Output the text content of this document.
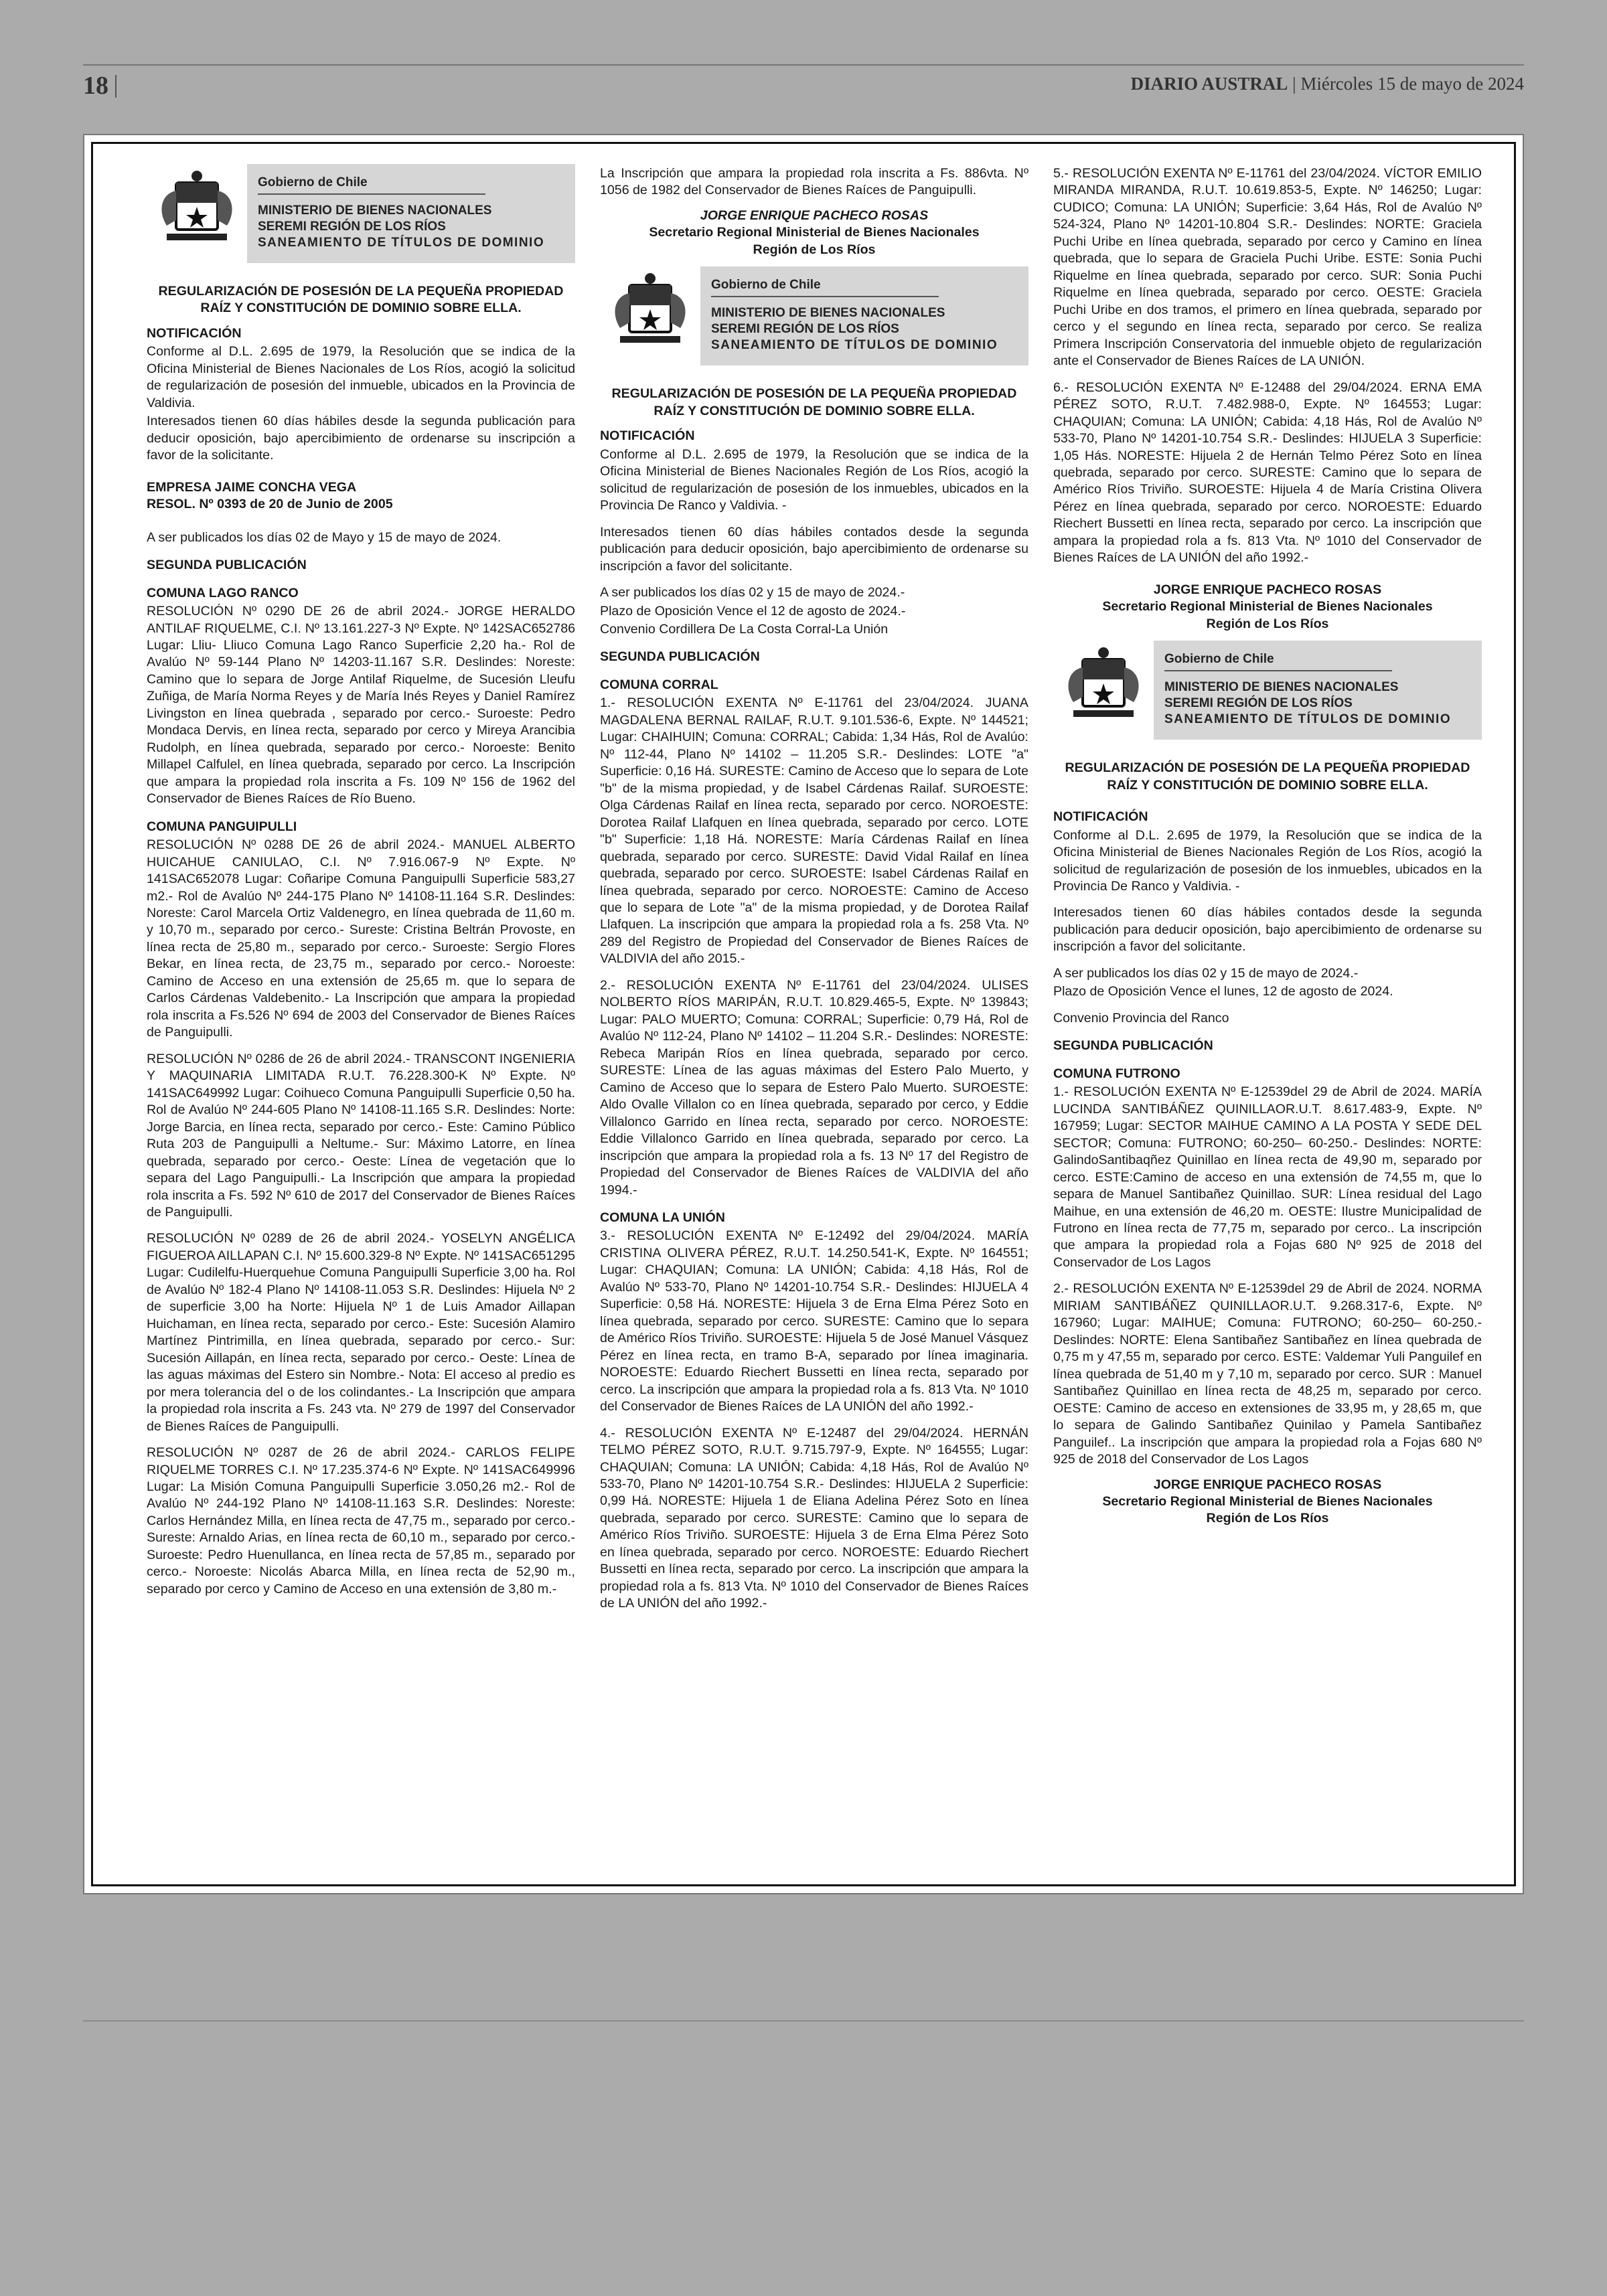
18	DIARIO AUSTRAL | Miércoles 15 de mayo de 2024
Gobierno de Chile
MINISTERIO DE BIENES NACIONALES
SEREMI REGIÓN DE LOS RÍOS
SANEAMIENTO DE TÍTULOS DE DOMINIO
REGULARIZACIÓN DE POSESIÓN DE LA PEQUEÑA PROPIEDAD RAÍZ Y CONSTITUCIÓN DE DOMINIO SOBRE ELLA.
NOTIFICACIÓN
Conforme al D.L. 2.695 de 1979, la Resolución que se indica de la Oficina Ministerial de Bienes Nacionales de Los Ríos, acogió la solicitud de regularización de posesión del inmueble, ubicados en la Provincia de Valdivia.
Interesados tienen 60 días hábiles desde la segunda publicación para deducir oposición, bajo apercibimiento de ordenarse su inscripción a favor de la solicitante.
EMPRESA JAIME CONCHA VEGA
RESOL. Nº 0393 de 20 de Junio de 2005
A ser publicados los días 02 de Mayo y 15 de mayo de 2024.
SEGUNDA PUBLICACIÓN
COMUNA LAGO RANCO
RESOLUCIÓN Nº 0290 DE 26 de abril 2024.- JORGE HERALDO ANTILAF RIQUELME, C.I. Nº 13.161.227-3 Nº Expte. Nº 142SAC652786 Lugar: Lliu- Lliuco Comuna Lago Ranco Superficie 2,20 ha.- Rol de Avalúo Nº 59-144 Plano Nº 14203-11.167 S.R. Deslindes: Noreste: Camino que lo separa de Jorge Antilaf Riquelme, de Sucesión Lleufu Zuñiga, de María Norma Reyes y de María Inés Reyes y Daniel Ramírez Livingston en línea quebrada , separado por cerco.- Suroeste: Pedro Mondaca Dervis, en línea recta, separado por cerco y Mireya Arancibia Rudolph, en línea quebrada, separado por cerco.- Noroeste: Benito Millapel Calfulel, en línea quebrada, separado por cerco. La Inscripción que ampara la propiedad rola inscrita a Fs. 109 Nº 156 de 1962 del Conservador de Bienes Raíces de Río Bueno.
COMUNA PANGUIPULLI
RESOLUCIÓN Nº 0288 DE 26 de abril 2024.- MANUEL ALBERTO HUICAHUE CANIULAO, C.I. Nº 7.916.067-9 Nº Expte. Nº 141SAC652078 Lugar: Coñaripe Comuna Panguipulli Superficie 583,27 m2.- Rol de Avalúo Nº 244-175 Plano Nº 14108-11.164 S.R. Deslindes: Noreste: Carol Marcela Ortiz Valdenegro, en línea quebrada de 11,60 m. y 10,70 m., separado por cerco.- Sureste: Cristina Beltrán Provoste, en línea recta de 25,80 m., separado por cerco.- Suroeste: Sergio Flores Bekar, en línea recta, de 23,75 m., separado por cerco.- Noroeste: Camino de Acceso en una extensión de 25,65 m. que lo separa de Carlos Cárdenas Valdebenito.- La Inscripción que ampara la propiedad rola inscrita a Fs.526 Nº 694 de 2003 del Conservador de Bienes Raíces de Panguipulli.
RESOLUCIÓN Nº 0286 de 26 de abril 2024.- TRANSCONT INGENIERIA Y MAQUINARIA LIMITADA R.U.T. 76.228.300-K Nº Expte. Nº 141SAC649992 Lugar: Coihueco Comuna Panguipulli Superficie 0,50 ha. Rol de Avalúo Nº 244-605 Plano Nº 14108-11.165 S.R. Deslindes: Norte: Jorge Barcia, en línea recta, separado por cerco.- Este: Camino Público Ruta 203 de Panguipulli a Neltume.- Sur: Máximo Latorre, en línea quebrada, separado por cerco.- Oeste: Línea de vegetación que lo separa del Lago Panguipulli.- La Inscripción que ampara la propiedad rola inscrita a Fs. 592 Nº 610 de 2017 del Conservador de Bienes Raíces de Panguipulli.
RESOLUCIÓN Nº 0289 de 26 de abril 2024.- YOSELYN ANGÉLICA FIGUEROA AILLAPAN C.I. Nº 15.600.329-8 Nº Expte. Nº 141SAC651295 Lugar: Cudilelfu-Huerquehue Comuna Panguipulli Superficie 3,00 ha. Rol de Avalúo Nº 182-4 Plano Nº 14108-11.053 S.R. Deslindes: Hijuela Nº 2 de superficie 3,00 ha Norte: Hijuela Nº 1 de Luis Amador Aillapan Huichaman, en línea recta, separado por cerco.- Este: Sucesión Alamiro Martínez Pintrimilla, en línea quebrada, separado por cerco.- Sur: Sucesión Aillapán, en línea recta, separado por cerco.- Oeste: Línea de las aguas máximas del Estero sin Nombre.- Nota: El acceso al predio es por mera tolerancia del o de los colindantes.- La Inscripción que ampara la propiedad rola inscrita a Fs. 243 vta. Nº 279 de 1997 del Conservador de Bienes Raíces de Panguipulli.
RESOLUCIÓN Nº 0287 de 26 de abril 2024.- CARLOS FELIPE RIQUELME TORRES C.I. Nº 17.235.374-6 Nº Expte. Nº 141SAC649996 Lugar: La Misión Comuna Panguipulli Superficie 3.050,26 m2.- Rol de Avalúo Nº 244-192 Plano Nº 14108-11.163 S.R. Deslindes: Noreste: Carlos Hernández Milla, en línea recta de 47,75 m., separado por cerco.- Sureste: Arnaldo Arias, en línea recta de 60,10 m., separado por cerco.- Suroeste: Pedro Huenullanca, en línea recta de 57,85 m., separado por cerco.- Noroeste: Nicolás Abarca Milla, en línea recta de 52,90 m., separado por cerco y Camino de Acceso en una extensión de 3,80 m.-
La Inscripción que ampara la propiedad rola inscrita a Fs. 886vta. Nº 1056 de 1982 del Conservador de Bienes Raíces de Panguipulli.
JORGE ENRIQUE PACHECO ROSAS
Secretario Regional Ministerial de Bienes Nacionales
Región de Los Ríos
Gobierno de Chile
MINISTERIO DE BIENES NACIONALES
SEREMI REGIÓN DE LOS RÍOS
SANEAMIENTO DE TÍTULOS DE DOMINIO
REGULARIZACIÓN DE POSESIÓN DE LA PEQUEÑA PROPIEDAD RAÍZ Y CONSTITUCIÓN DE DOMINIO SOBRE ELLA.
NOTIFICACIÓN
Conforme al D.L. 2.695 de 1979, la Resolución que se indica de la Oficina Ministerial de Bienes Nacionales Región de Los Ríos, acogió la solicitud de regularización de posesión de los inmuebles, ubicados en la Provincia De Ranco y Valdivia. -
Interesados tienen 60 días hábiles contados desde la segunda publicación para deducir oposición, bajo apercibimiento de ordenarse su inscripción a favor del solicitante.
A ser publicados los días 02 y 15 de mayo de 2024.-
Plazo de Oposición Vence el 12 de agosto de 2024.-
Convenio Cordillera De La Costa Corral-La Unión
SEGUNDA PUBLICACIÓN
COMUNA CORRAL
1.- RESOLUCIÓN EXENTA Nº E-11761 del 23/04/2024. JUANA MAGDALENA BERNAL RAILAF, R.U.T. 9.101.536-6, Expte. Nº 144521; Lugar: CHAIHUIN; Comuna: CORRAL; Cabida: 1,34 Hás, Rol de Avalúo: Nº 112-44, Plano Nº 14102 – 11.205 S.R.- Deslindes: LOTE "a" Superficie: 0,16 Há. SURESTE: Camino de Acceso que lo separa de Lote "b" de la misma propiedad, y de Isabel Cárdenas Railaf. SUROESTE: Olga Cárdenas Railaf en línea recta, separado por cerco. NOROESTE: Dorotea Railaf Llafquen en línea quebrada, separado por cerco. LOTE "b" Superficie: 1,18 Há. NORESTE: María Cárdenas Railaf en línea quebrada, separado por cerco. SURESTE: David Vidal Railaf en línea quebrada, separado por cerco. SUROESTE: Isabel Cárdenas Railaf en línea quebrada, separado por cerco. NOROESTE: Camino de Acceso que lo separa de Lote "a" de la misma propiedad, y de Dorotea Railaf Llafquen. La inscripción que ampara la propiedad rola a fs. 258 Vta. Nº 289 del Registro de Propiedad del Conservador de Bienes Raíces de VALDIVIA del año 2015.-
2.- RESOLUCIÓN EXENTA Nº E-11761 del 23/04/2024. ULISES NOLBERTO RÍOS MARIPÁN, R.U.T. 10.829.465-5, Expte. Nº 139843; Lugar: PALO MUERTO; Comuna: CORRAL; Superficie: 0,79 Há, Rol de Avalúo Nº 112-24, Plano Nº 14102 – 11.204 S.R.- Deslindes: NORESTE: Rebeca Maripán Ríos en línea quebrada, separado por cerco. SURESTE: Línea de las aguas máximas del Estero Palo Muerto, y Camino de Acceso que lo separa de Estero Palo Muerto. SUROESTE: Aldo Ovalle Villalon co en línea quebrada, separado por cerco, y Eddie Villalonco Garrido en línea recta, separado por cerco. NOROESTE: Eddie Villalonco Garrido en línea quebrada, separado por cerco. La inscripción que ampara la propiedad rola a fs. 13 Nº 17 del Registro de Propiedad del Conservador de Bienes Raíces de VALDIVIA del año 1994.-
COMUNA LA UNIÓN
3.- RESOLUCIÓN EXENTA Nº E-12492 del 29/04/2024. MARÍA CRISTINA OLIVERA PÉREZ, R.U.T. 14.250.541-K, Expte. Nº 164551; Lugar: CHAQUIAN; Comuna: LA UNIÓN; Cabida: 4,18 Hás, Rol de Avalúo Nº 533-70, Plano Nº 14201-10.754 S.R.- Deslindes: HIJUELA 4 Superficie: 0,58 Há. NORESTE: Hijuela 3 de Erna Elma Pérez Soto en línea quebrada, separado por cerco. SURESTE: Camino que lo separa de Américo Ríos Triviño. SUROESTE: Hijuela 5 de José Manuel Vásquez Pérez en línea recta, en tramo B-A, separado por línea imaginaria. NOROESTE: Eduardo Riechert Bussetti en línea recta, separado por cerco. La inscripción que ampara la propiedad rola a fs. 813 Vta. Nº 1010 del Conservador de Bienes Raíces de LA UNIÓN del año 1992.-
4.- RESOLUCIÓN EXENTA Nº E-12487 del 29/04/2024. HERNÁN TELMO PÉREZ SOTO, R.U.T. 9.715.797-9, Expte. Nº 164555; Lugar: CHAQUIAN; Comuna: LA UNIÓN; Cabida: 4,18 Hás, Rol de Avalúo Nº 533-70, Plano Nº 14201-10.754 S.R.- Deslindes: HIJUELA 2 Superficie: 0,99 Há. NORESTE: Hijuela 1 de Eliana Adelina Pérez Soto en línea quebrada, separado por cerco. SURESTE: Camino que lo separa de Américo Ríos Triviño. SUROESTE: Hijuela 3 de Erna Elma Pérez Soto en línea quebrada, separado por cerco. NOROESTE: Eduardo Riechert Bussetti en línea recta, separado por cerco. La inscripción que ampara la propiedad rola a fs. 813 Vta. Nº 1010 del Conservador de Bienes Raíces de LA UNIÓN del año 1992.-
5.- RESOLUCIÓN EXENTA Nº E-11761 del 23/04/2024. VÍCTOR EMILIO MIRANDA MIRANDA, R.U.T. 10.619.853-5, Expte. Nº 146250; Lugar: CUDICO; Comuna: LA UNIÓN; Superficie: 3,64 Hás, Rol de Avalúo Nº 524-324, Plano Nº 14201-10.804 S.R.- Deslindes: NORTE: Graciela Puchi Uribe en línea quebrada, separado por cerco y Camino en línea quebrada, que lo separa de Graciela Puchi Uribe. ESTE: Sonia Puchi Riquelme en línea quebrada, separado por cerco. SUR: Sonia Puchi Riquelme en línea quebrada, separado por cerco. OESTE: Graciela Puchi Uribe en dos tramos, el primero en línea quebrada, separado por cerco y el segundo en línea recta, separado por cerco. Se realiza Primera Inscripción Conservatoria del inmueble objeto de regularización ante el Conservador de Bienes Raíces de LA UNIÓN.
6.- RESOLUCIÓN EXENTA Nº E-12488 del 29/04/2024. ERNA EMA PÉREZ SOTO, R.U.T. 7.482.988-0, Expte. Nº 164553; Lugar: CHAQUIAN; Comuna: LA UNIÓN; Cabida: 4,18 Hás, Rol de Avalúo Nº 533-70, Plano Nº 14201-10.754 S.R.- Deslindes: HIJUELA 3 Superficie: 1,05 Hás. NORESTE: Hijuela 2 de Hernán Telmo Pérez Soto en línea quebrada, separado por cerco. SURESTE: Camino que lo separa de Américo Ríos Triviño. SUROESTE: Hijuela 4 de María Cristina Olivera Pérez en línea quebrada, separado por cerco. NOROESTE: Eduardo Riechert Bussetti en línea recta, separado por cerco. La inscripción que ampara la propiedad rola a fs. 813 Vta. Nº 1010 del Conservador de Bienes Raíces de LA UNIÓN del año 1992.-
JORGE ENRIQUE PACHECO ROSAS
Secretario Regional Ministerial de Bienes Nacionales
Región de Los Ríos
Gobierno de Chile
MINISTERIO DE BIENES NACIONALES
SEREMI REGIÓN DE LOS RÍOS
SANEAMIENTO DE TÍTULOS DE DOMINIO
REGULARIZACIÓN DE POSESIÓN DE LA PEQUEÑA PROPIEDAD RAÍZ Y CONSTITUCIÓN DE DOMINIO SOBRE ELLA.
NOTIFICACIÓN
Conforme al D.L. 2.695 de 1979, la Resolución que se indica de la Oficina Ministerial de Bienes Nacionales Región de Los Ríos, acogió la solicitud de regularización de posesión de los inmuebles, ubicados en la Provincia De Ranco y Valdivia. -
Interesados tienen 60 días hábiles contados desde la segunda publicación para deducir oposición, bajo apercibimiento de ordenarse su inscripción a favor del solicitante.
A ser publicados los días 02 y 15 de mayo de 2024.-
Plazo de Oposición Vence el lunes, 12 de agosto de 2024.
Convenio Provincia del Ranco
SEGUNDA PUBLICACIÓN
COMUNA FUTRONO
1.- RESOLUCIÓN EXENTA Nº E-12539del 29 de Abril de 2024. MARÍA LUCINDA SANTIBÁÑEZ QUINILLAOR.U.T. 8.617.483-9, Expte. Nº 167959; Lugar: SECTOR MAIHUE CAMINO A LA POSTA Y SEDE DEL SECTOR; Comuna: FUTRONO; 60-250– 60-250.- Deslindes: NORTE: GalindoSantibaqñez Quinillao en línea recta de 49,90 m, separado por cerco. ESTE:Camino de acceso en una extensión de 74,55 m, que lo separa de Manuel Santibañez Quinillao. SUR: Línea residual del Lago Maihue, en una extensión de 46,20 m. OESTE: Ilustre Municipalidad de Futrono en línea recta de 77,75 m, separado por cerco.. La inscripción que ampara la propiedad rola a Fojas 680 Nº 925 de 2018 del Conservador de Los Lagos
2.- RESOLUCIÓN EXENTA Nº E-12539del 29 de Abril de 2024. NORMA MIRIAM SANTIBÁÑEZ QUINILLAOR.U.T. 9.268.317-6, Expte. Nº 167960; Lugar: MAIHUE; Comuna: FUTRONO; 60-250– 60-250.- Deslindes: NORTE: Elena Santibañez Santibañez en línea quebrada de 0,75 m y 47,55 m, separado por cerco. ESTE: Valdemar Yuli Panguilef en línea quebrada de 51,40 m y 7,10 m, separado por cerco. SUR : Manuel Santibañez Quinillao en línea recta de 48,25 m, separado por cerco. OESTE: Camino de acceso en extensiones de 33,95 m, y 28,65 m, que lo separa de Galindo Santibañez Quinilao y Pamela Santibañez Panguilef.. La inscripción que ampara la propiedad rola a Fojas 680 Nº 925 de 2018 del Conservador de Los Lagos
JORGE ENRIQUE PACHECO ROSAS
Secretario Regional Ministerial de Bienes Nacionales
Región de Los Ríos
